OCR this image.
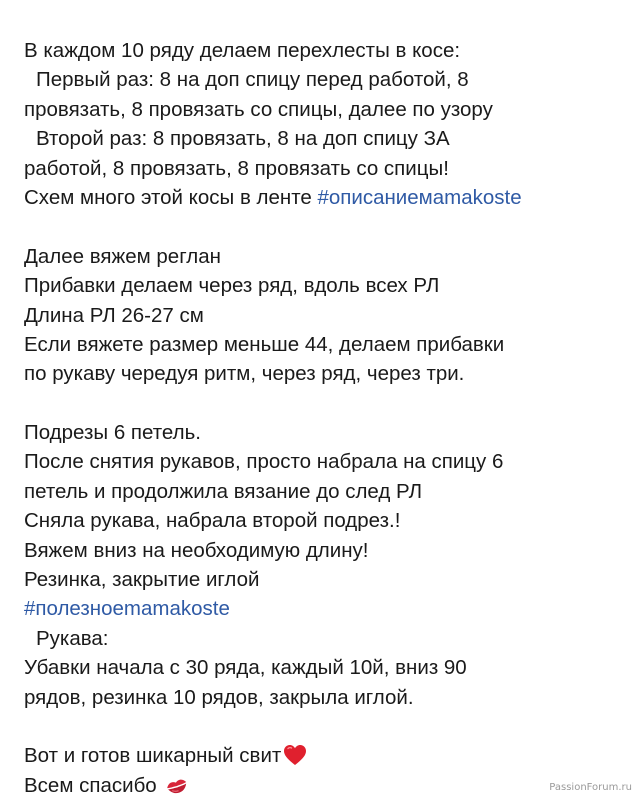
В каждом 10 ряду делаем перехлесты в косе:
Первый раз: 8 на доп спицу перед работой, 8
провязать, 8 провязать со спицы, далее по узору
Второй раз: 8 провязать, 8 на доп спицу ЗА
работой, 8 провязать, 8 провязать со спицы!
Схем много этой косы в ленте #описаниемamakoste
Далее вяжем реглан
Прибавки делаем через ряд, вдоль всех РЛ
Длина РЛ 26-27 см
Если вяжете размер меньше 44, делаем прибавки
по рукаву чередуя ритм, через ряд, через три.
Подрезы 6 петель.
После снятия рукавов, просто набрала на спицу 6
петель и продолжила вязание до след РЛ
Сняла рукава, набрала второй подрез.!
Вяжем вниз на необходимую длину!
Резинка, закрытие иглой
#полезноеmamakoste
Рукава:
Убавки начала с 30 ряда, каждый 10й, вниз 90
рядов, резинка 10 рядов, закрыла иглой.
Вот и готов шикарный свит
Всем спасибо	PassionForum.ru
